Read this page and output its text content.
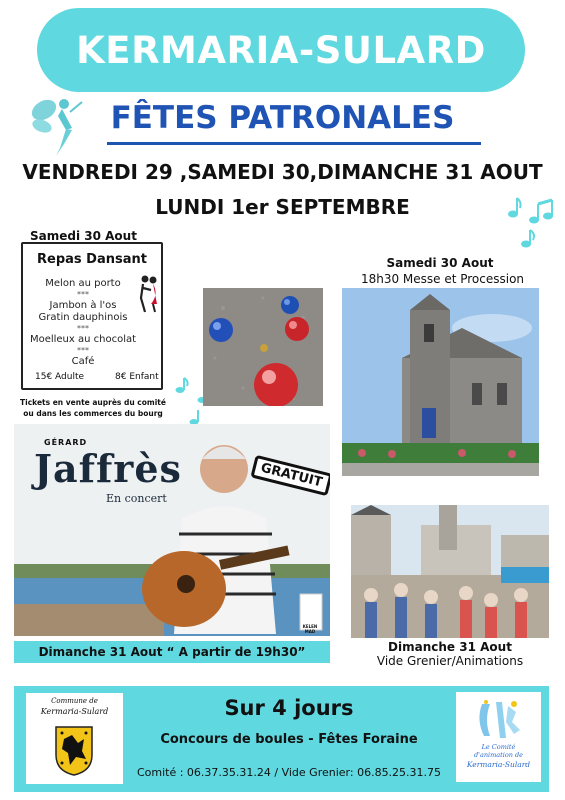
KERMARIA-SULARD
FÊTES PATRONALES
VENDREDI 29 ,SAMEDI 30,DIMANCHE 31 AOUT
LUNDI 1er SEPTEMBRE
Samedi 30 Aout
Repas Dansant
Melon au porto
***
Jambon à l'os
Gratin dauphinois
***
Moelleux au chocolat
***
Café
15€ Adulte	8€ Enfant
Tickets en vente auprès du comité
ou dans les commerces du bourg
Samedi 30 Aout
18h30 Messe et Procession
GÉRARD
Jaffrès
En concert
GRATUIT
KELEN MAD
Dimanche 31 Aout “ A partir de 19h30”	Dimanche 31 Aout
Vide Grenier/Animations
Commune de
Kermaria-Sulard	Sur 4 jours
Concours de boules - Fêtes Foraine
Comité : 06.37.35.31.24 / Vide Grenier: 06.85.25.31.75
Le Comité
d'animation de
Kermaria-Sulard
